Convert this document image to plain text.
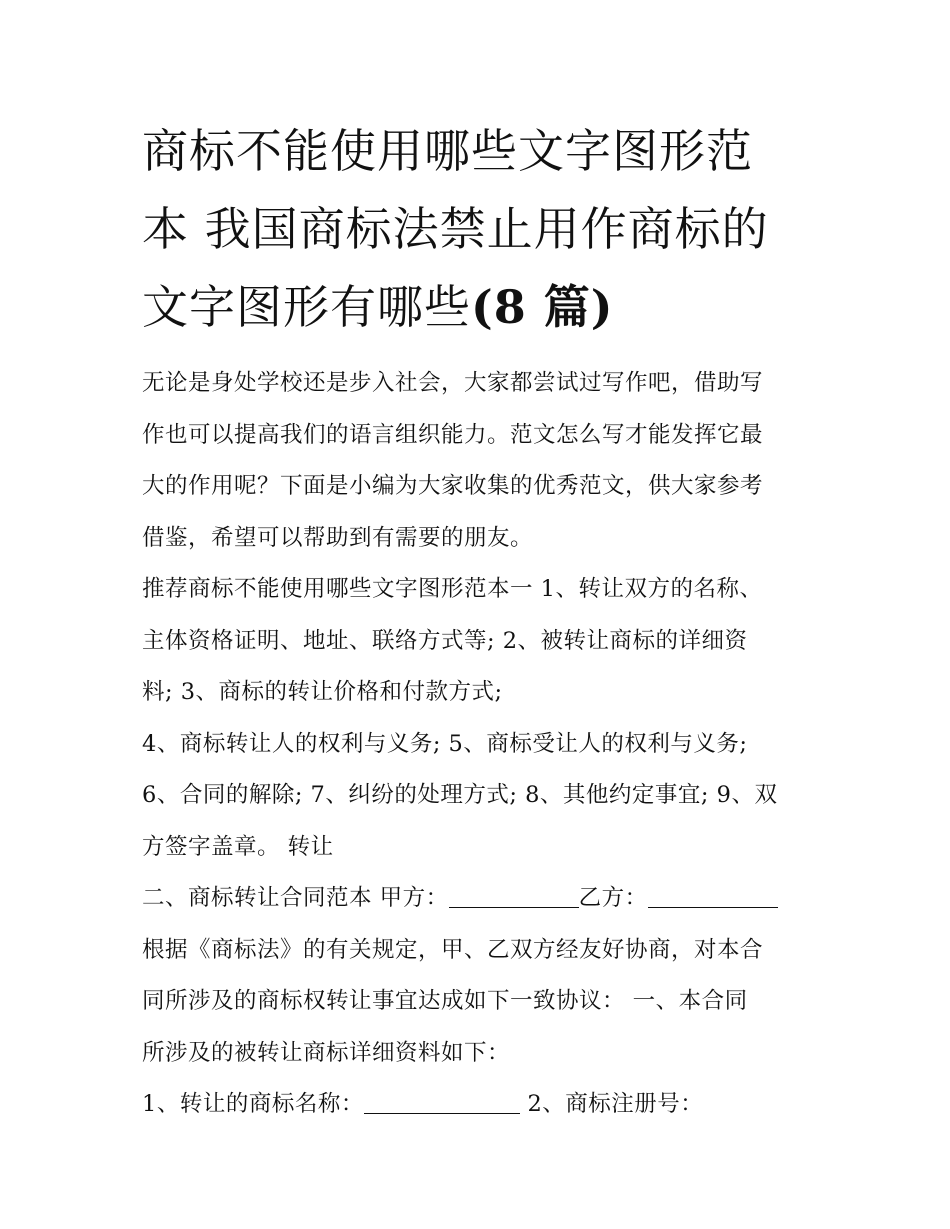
商标不能使用哪些文字图形范
本 我国商标法禁止用作商标的
文字图形有哪些(8 篇)
无论是身处学校还是步入社会，大家都尝试过写作吧，借助写
作也可以提高我们的语言组织能力。范文怎么写才能发挥它最
大的作用呢？下面是小编为大家收集的优秀范文，供大家参考
借鉴，希望可以帮助到有需要的朋友。
推荐商标不能使用哪些文字图形范本一 1、转让双方的名称、
主体资格证明、地址、联络方式等; 2、被转让商标的详细资
料; 3、商标的转让价格和付款方式;
4、商标转让人的权利与义务; 5、商标受让人的权利与义务;
6、合同的解除; 7、纠纷的处理方式; 8、其他约定事宜; 9、双
方签字盖章。 转让
二、商标转让合同范本 甲方：	乙方：
根据《商标法》的有关规定，甲、乙双方经友好协商，对本合
同所涉及的商标权转让事宜达成如下一致协议： 一、本合同
所涉及的被转让商标详细资料如下：
1、转让的商标名称：	2、商标注册号：
